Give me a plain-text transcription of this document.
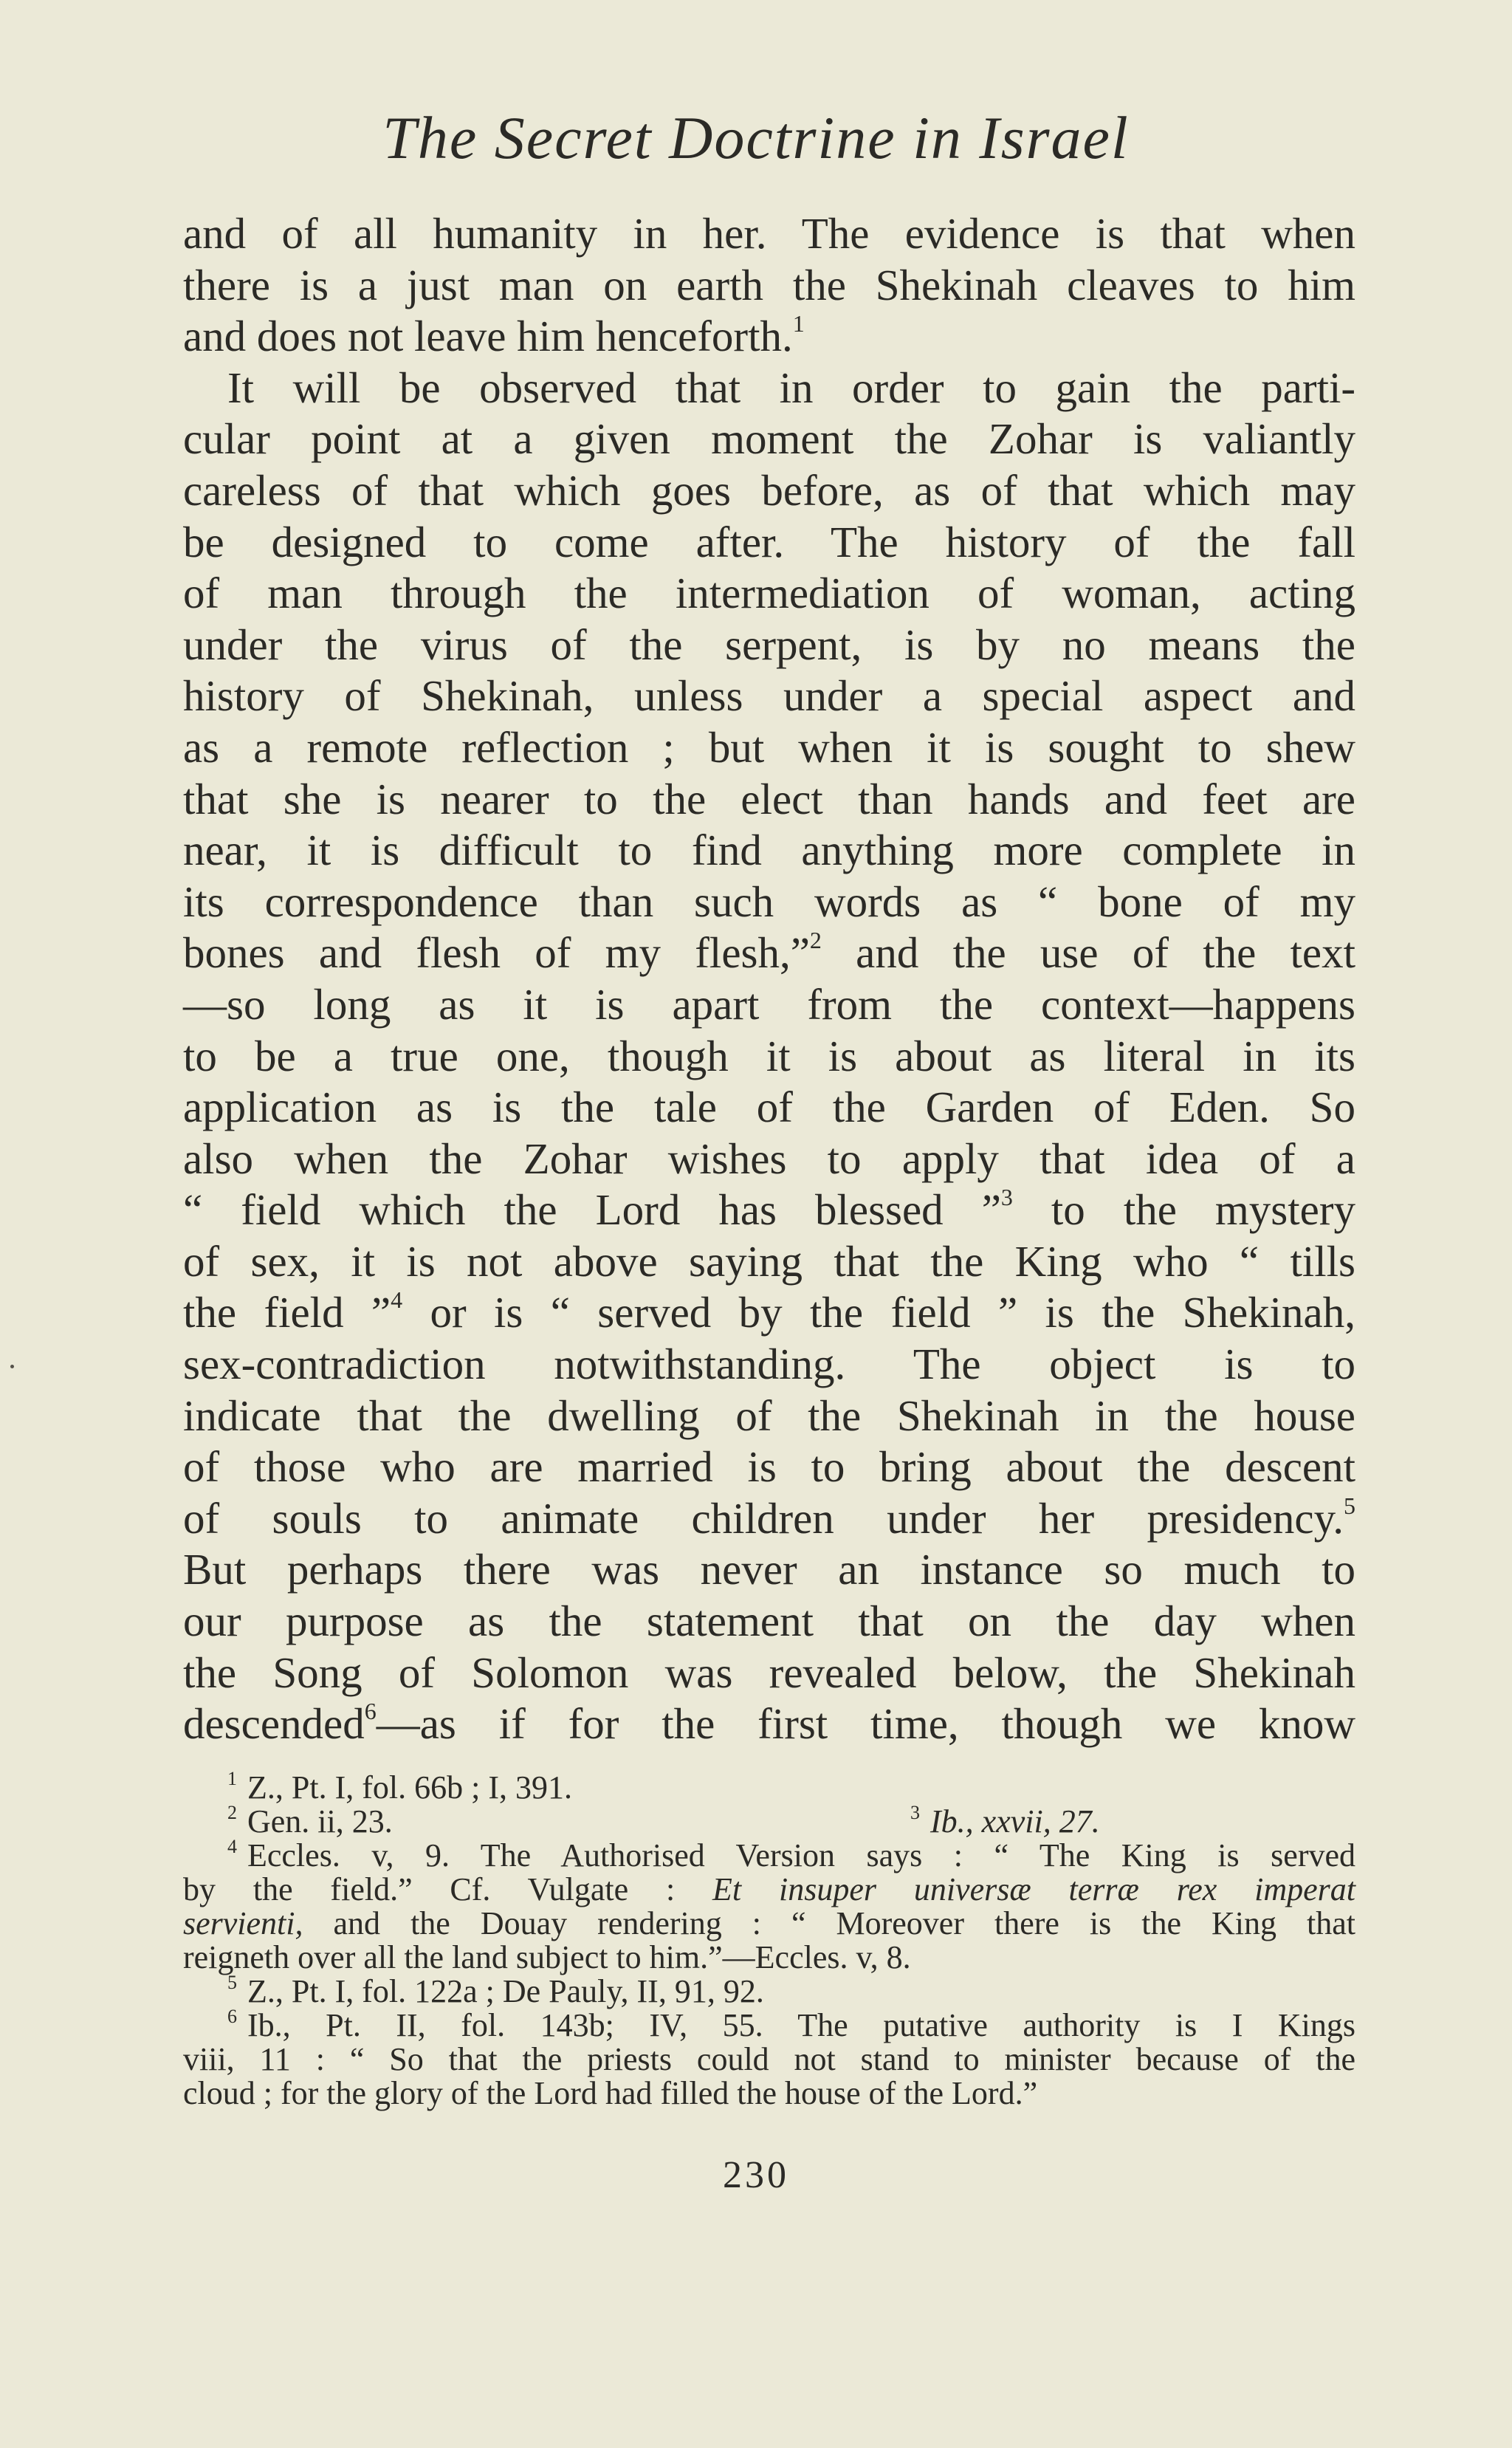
The Secret Doctrine in Israel
and of all humanity in her. The evidence is that when
there is a just man on earth the Shekinah cleaves to him
and does not leave him henceforth.$^1$
It will be observed that in order to gain the parti-
cular point at a given moment the Zohar is valiantly
careless of that which goes before, as of that which may
be designed to come after. The history of the fall
of man through the intermediation of woman, acting
under the virus of the serpent, is by no means the
history of Shekinah, unless under a special aspect and
as a remote reflection ; but when it is sought to shew
that she is nearer to the elect than hands and feet are
near, it is difficult to find anything more complete in
its correspondence than such words as “ bone of my
bones and flesh of my flesh,”$^2$ and the use of the text
—so long as it is apart from the context—happens
to be a true one, though it is about as literal in its
application as is the tale of the Garden of Eden. So
also when the Zohar wishes to apply that idea of a
“ field which the Lord has blessed ”$^3$ to the mystery
of sex, it is not above saying that the King who “ tills
the field ”$^4$ or is “ served by the field ” is the Shekinah,
sex-contradiction notwithstanding. The object is to
indicate that the dwelling of the Shekinah in the house
of those who are married is to bring about the descent
of souls to animate children under her presidency.$^5$
But perhaps there was never an instance so much to
our purpose as the statement that on the day when
the Song of Solomon was revealed below, the Shekinah
descended$^6$—as if for the first time, though we know
$^1$ Z., Pt. I, fol. 66b ; I, 391.
$^2$ Gen. ii, 23.	$^3$ Ib., xxvii, 27.
$^4$ Eccles. v, 9. The Authorised Version says : “ The King is served
by the field.” Cf. Vulgate : Et insuper universæ terræ rex imperat
servienti, and the Douay rendering : “ Moreover there is the King that
reigneth over all the land subject to him.”—Eccles. v, 8.
$^5$ Z., Pt. I, fol. 122a ; De Pauly, II, 91, 92.
$^6$ Ib., Pt. II, fol. 143b; IV, 55. The putative authority is I Kings
viii, 11 : “ So that the priests could not stand to minister because of the
cloud ; for the glory of the Lord had filled the house of the Lord.”
230
